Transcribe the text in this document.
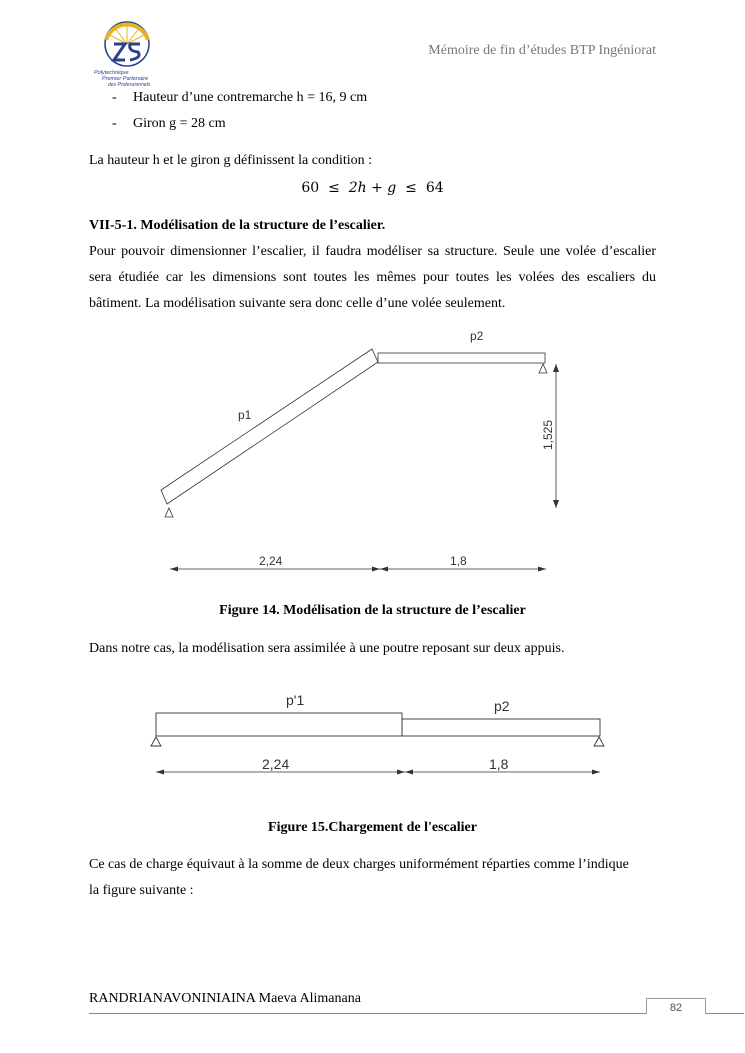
Polytechnique
Premier Partenaire
des Professionnels
Mémoire de fin d’études BTP Ingéniorat
- Hauteur d’une contremarche h = 16, 9 cm
- Giron g = 28 cm
La hauteur h et le giron g définissent la condition :
60 ≤ 2ℎ + 𝑔 ≤ 64
VII-5-1. Modélisation de la structure de l’escalier.
Pour pouvoir dimensionner l’escalier, il faudra modéliser sa structure. Seule une volée d’escalier sera étudiée car les dimensions sont toutes les mêmes pour toutes les volées des escaliers du bâtiment. La modélisation suivante sera donc celle d’une volée seulement.
1,525
p1
p2
2,24	1,8
Figure 14. Modélisation de la structure de l’escalier
Dans notre cas, la modélisation sera assimilée à une poutre reposant sur deux appuis.
p'1	p2
2,24	1,8
Figure 15.Chargement de l'escalier
Ce cas de charge équivaut à la somme de deux charges uniformément réparties comme l’indique la figure suivante :
RANDRIANAVONINIAINA Maeva Alimanana
82
